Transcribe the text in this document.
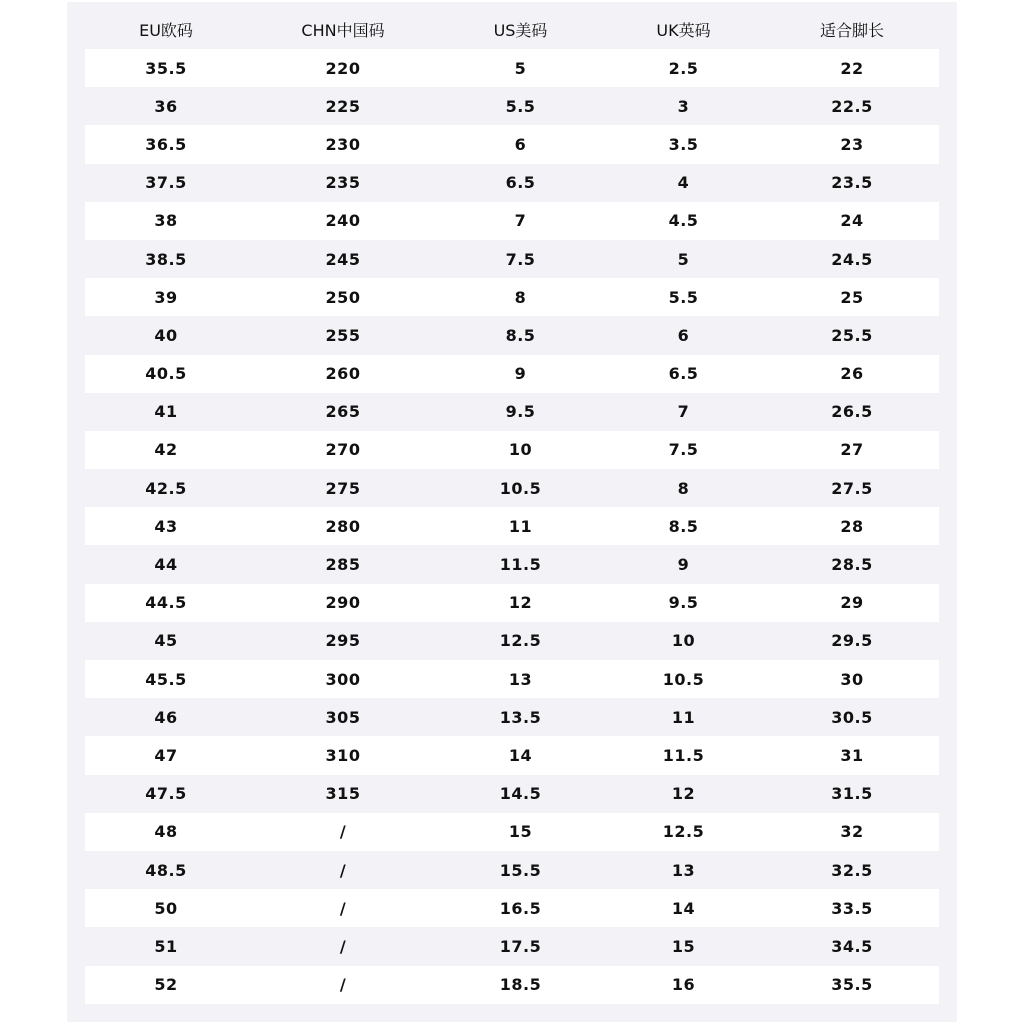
EU欧码	CHN中国码	US美码	UK英码	适合脚长
35.5	220	5	2.5	22
36	225	5.5	3	22.5
36.5	230	6	3.5	23
37.5	235	6.5	4	23.5
38	240	7	4.5	24
38.5	245	7.5	5	24.5
39	250	8	5.5	25
40	255	8.5	6	25.5
40.5	260	9	6.5	26
41	265	9.5	7	26.5
42	270	10	7.5	27
42.5	275	10.5	8	27.5
43	280	11	8.5	28
44	285	11.5	9	28.5
44.5	290	12	9.5	29
45	295	12.5	10	29.5
45.5	300	13	10.5	30
46	305	13.5	11	30.5
47	310	14	11.5	31
47.5	315	14.5	12	31.5
48	/	15	12.5	32
48.5	/	15.5	13	32.5
50	/	16.5	14	33.5
51	/	17.5	15	34.5
52	/	18.5	16	35.5
